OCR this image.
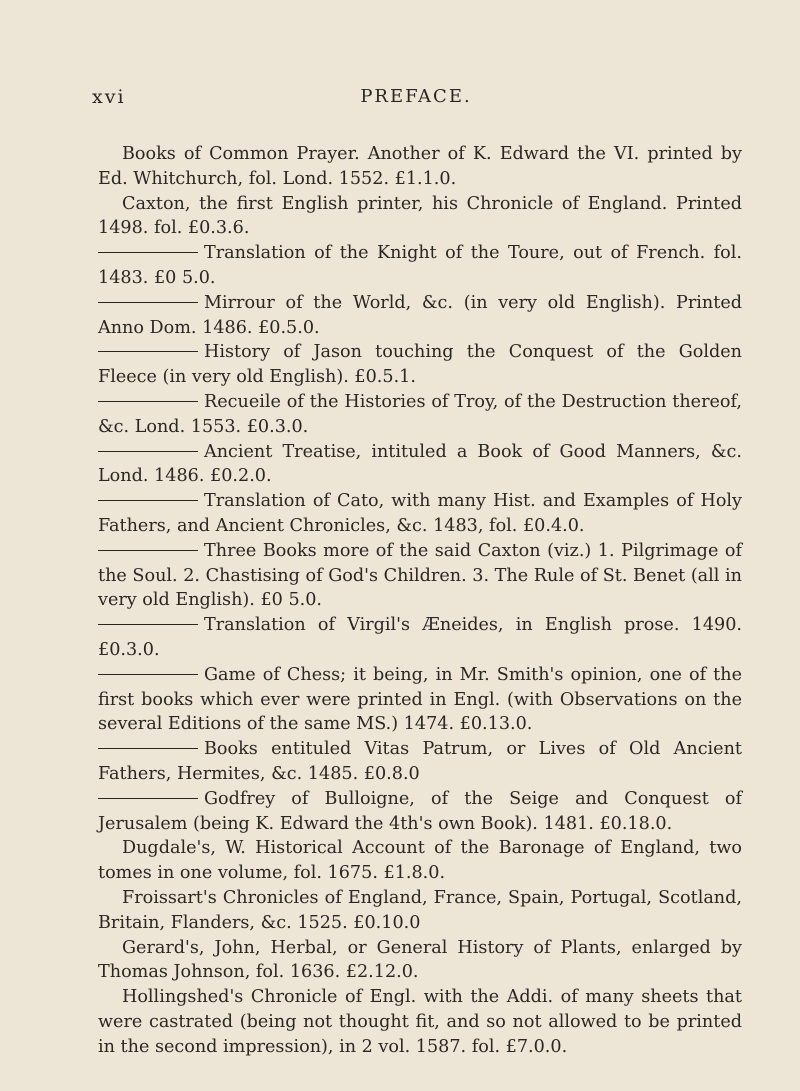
xvi	PREFACE.

Books of Common Prayer. Another of K. Edward the VI. printed by Ed. Whitchurch, fol. Lond. 1552. £1.1.0.

Caxton, the first English printer, his Chronicle of England. Printed 1498. fol. £0.3.6.

Translation of the Knight of the Toure, out of French. fol. 1483. £0 5.0.

Mirrour of the World, &c. (in very old English). Printed Anno Dom. 1486. £0.5.0.

History of Jason touching the Conquest of the Golden Fleece (in very old English). £0.5.1.

Recueile of the Histories of Troy, of the Destruction thereof, &c. Lond. 1553. £0.3.0.

Ancient Treatise, intituled a Book of Good Manners, &c. Lond. 1486. £0.2.0.

Translation of Cato, with many Hist. and Examples of Holy Fathers, and Ancient Chronicles, &c. 1483, fol. £0.4.0.

Three Books more of the said Caxton (viz.) 1. Pilgrimage of the Soul. 2. Chastising of God's Children. 3. The Rule of St. Benet (all in very old English). £0 5.0.

Translation of Virgil's Æneides, in English prose. 1490. £0.3.0.

Game of Chess; it being, in Mr. Smith's opinion, one of the first books which ever were printed in Engl. (with Observations on the several Editions of the same MS.) 1474. £0.13.0.

Books entituled Vitas Patrum, or Lives of Old Ancient Fathers, Hermites, &c. 1485. £0.8.0

Godfrey of Bulloigne, of the Seige and Conquest of Jerusalem (being K. Edward the 4th's own Book). 1481. £0.18.0.

Dugdale's, W. Historical Account of the Baronage of England, two tomes in one volume, fol. 1675. £1.8.0.

Froissart's Chronicles of England, France, Spain, Portugal, Scotland, Britain, Flanders, &c. 1525. £0.10.0

Gerard's, John, Herbal, or General History of Plants, enlarged by Thomas Johnson, fol. 1636. £2.12.0.

Hollingshed's Chronicle of Engl. with the Addi. of many sheets that were castrated (being not thought fit, and so not allowed to be printed in the second impression), in 2 vol. 1587. fol. £7.0.0.
